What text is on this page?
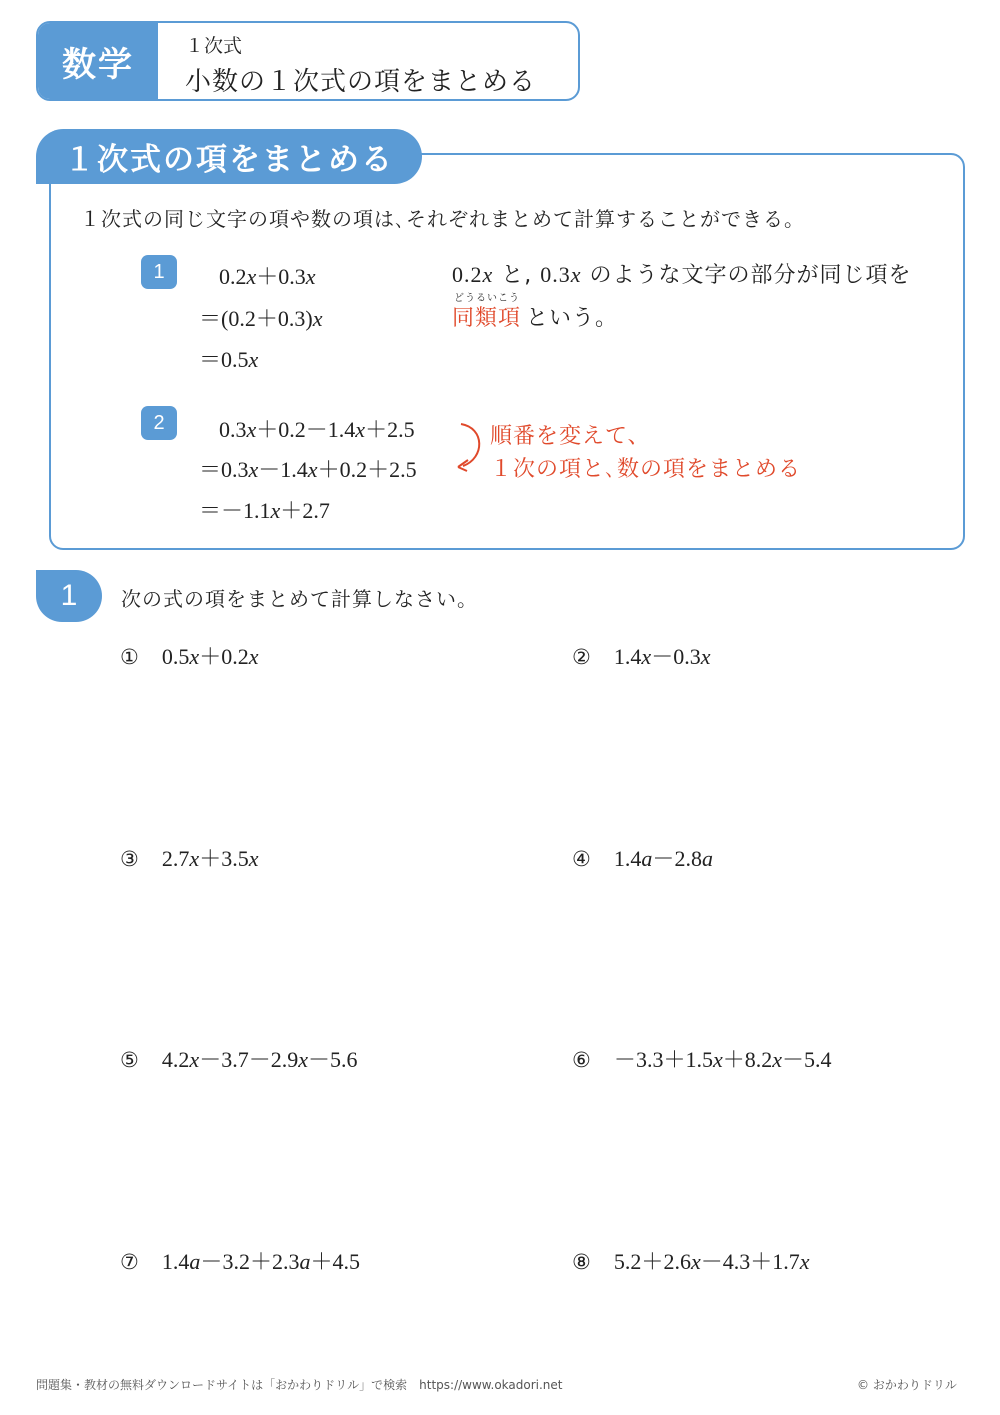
数学	１次式
小数の１次式の項をまとめる
１次式の項をまとめる
１次式の同じ文字の項や数の項は､それぞれまとめて計算することができる。
1	0.2x＋0.3x
＝(0.2＋0.3)x
＝0.5x
0.2x と, 0.3x のような文字の部分が同じ項を
どうるいこう
同類項 という。
2	0.3x＋0.2－1.4x＋2.5
＝0.3x－1.4x＋0.2＋2.5
＝－1.1x＋2.7
順番を変えて、
１次の項と､数の項をまとめる
1	次の式の項をまとめて計算しなさい。
① 0.5x＋0.2x	② 1.4x－0.3x
③ 2.7x＋3.5x	④ 1.4a－2.8a
⑤ 4.2x－3.7－2.9x－5.6	⑥ －3.3＋1.5x＋8.2x－5.4
⑦ 1.4a－3.2＋2.3a＋4.5	⑧ 5.2＋2.6x－4.3＋1.7x
問題集・教材の無料ダウンロードサイトは「おかわりドリル」で検索　https://www.okadori.net	© おかわりドリル
